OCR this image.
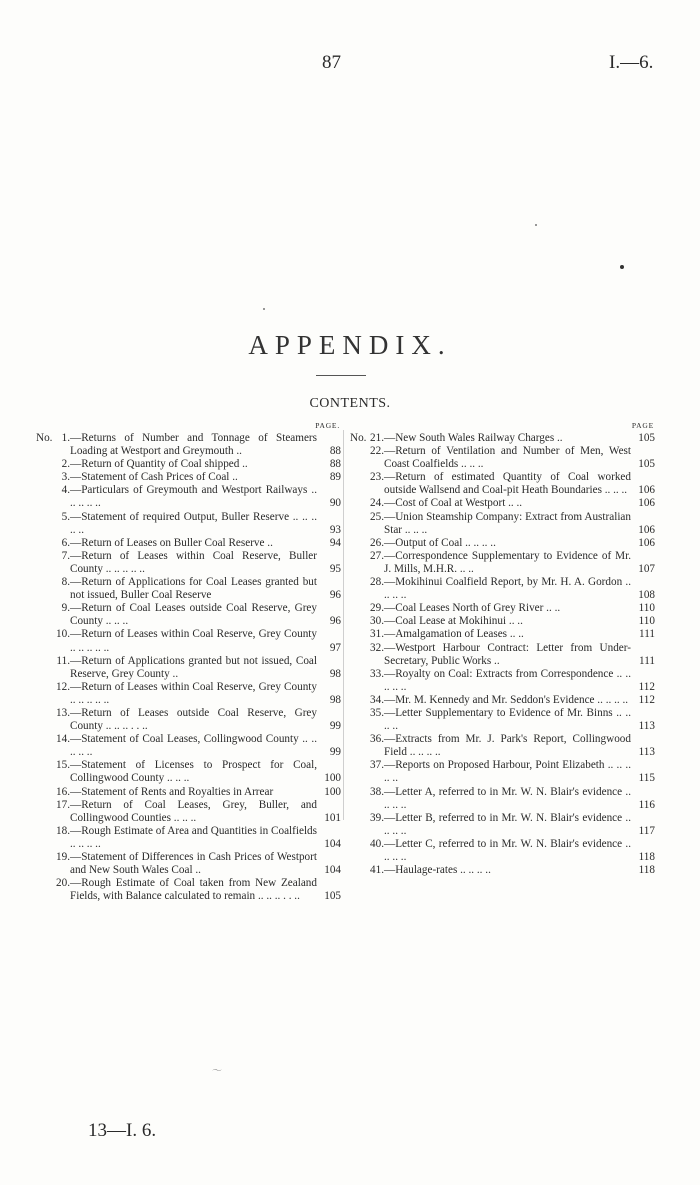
87	I.—6.
APPENDIX.
CONTENTS.
PAGE.
No. 1. —Returns of Number and Tonnage of Steamers Loading at Westport and Greymouth ..	88
2. —Return of Quantity of Coal shipped ..	88
3. —Statement of Cash Prices of Coal ..	89
4. —Particulars of Greymouth and Westport Railways .. .. .. .. ..	90
5. —Statement of required Output, Buller Reserve .. .. .. .. ..	93
6. —Return of Leases on Buller Coal Reserve ..	94
7. —Return of Leases within Coal Reserve, Buller County .. .. .. .. ..	95
8. —Return of Applications for Coal Leases granted but not issued, Buller Coal Reserve	96
9. —Return of Coal Leases outside Coal Reserve, Grey County .. .. ..	96
10. —Return of Leases within Coal Reserve, Grey County .. .. .. .. ..	97
11. —Return of Applications granted but not issued, Coal Reserve, Grey County ..	98
12. —Return of Leases within Coal Reserve, Grey County .. .. .. .. ..	98
13. —Return of Leases outside Coal Reserve, Grey County .. .. .. . . ..	99
14. —Statement of Coal Leases, Collingwood County .. .. .. .. ..	99
15. —Statement of Licenses to Prospect for Coal, Collingwood County .. .. ..	100
16. —Statement of Rents and Royalties in Arrear	100
17. —Return of Coal Leases, Grey, Buller, and Collingwood Counties .. .. ..	101
18. —Rough Estimate of Area and Quantities in Coalfields .. .. .. ..	104
19. —Statement of Differences in Cash Prices of Westport and New South Wales Coal ..	104
20. —Rough Estimate of Coal taken from New Zealand Fields, with Balance calculated to remain .. .. .. . . ..	105
PAGE
No. 21. —New South Wales Railway Charges ..	105
22. —Return of Ventilation and Number of Men, West Coast Coalfields .. .. ..	105
23. —Return of estimated Quantity of Coal worked outside Wallsend and Coal-pit Heath Boundaries .. .. .. 106
24. —Cost of Coal at Westport .. ..	106
25. —Union Steamship Company: Extract from Australian Star .. .. ..	106
26. —Output of Coal .. .. .. ..	106
27. —Correspondence Supplementary to Evidence of Mr. J. Mills, M.H.R. .. ..	107
28. —Mokihinui Coalfield Report, by Mr. H. A. Gordon .. .. .. ..	108
29. —Coal Leases North of Grey River .. ..	110
30. —Coal Lease at Mokihinui .. ..	110
31. —Amalgamation of Leases .. ..	111
32. —Westport Harbour Contract: Letter from Under-Secretary, Public Works ..	111
33. —Royalty on Coal: Extracts from Correspondence .. .. .. .. ..	112
34. —Mr. M. Kennedy and Mr. Seddon's Evidence .. .. .. .. 112
35. —Letter Supplementary to Evidence of Mr. Binns .. .. .. ..	113
36. —Extracts from Mr. J. Park's Report, Collingwood Field .. .. .. ..	113
37. —Reports on Proposed Harbour, Point Elizabeth .. .. .. .. ..	115
38. —Letter A, referred to in Mr. W. N. Blair's evidence .. .. .. ..	116
39. —Letter B, referred to in Mr. W. N. Blair's evidence .. .. .. ..	117
40. —Letter C, referred to in Mr. W. N. Blair's evidence .. .. .. ..	118
41. —Haulage-rates .. .. .. ..	118
〜
13—I. 6.
